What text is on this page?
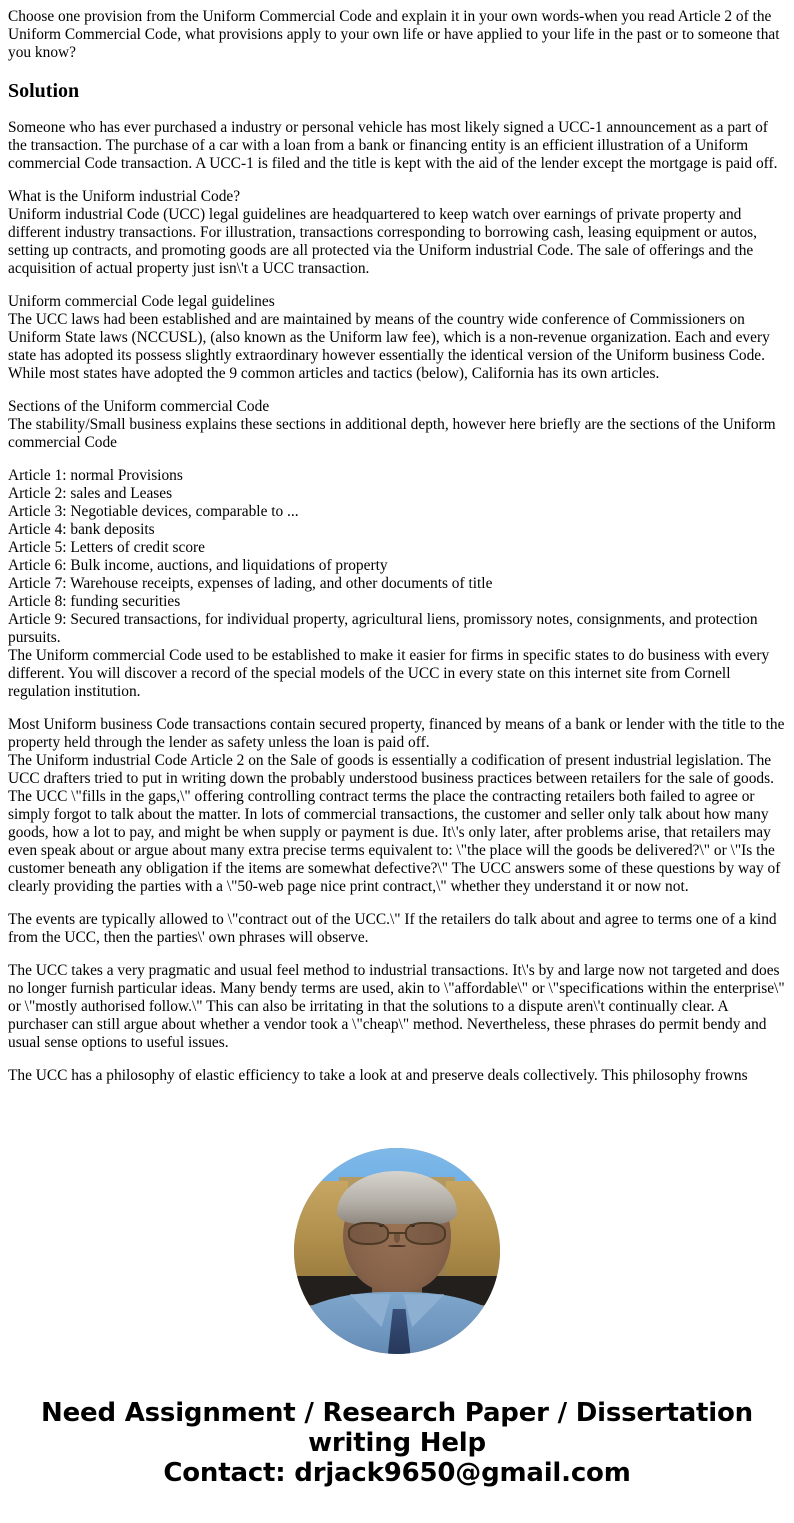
Choose one provision from the Uniform Commercial Code and explain it in your own words-when you read Article 2 of the Uniform Commercial Code, what provisions apply to your own life or have applied to your life in the past or to someone that you know?

Solution

Someone who has ever purchased a industry or personal vehicle has most likely signed a UCC-1 announcement as a part of the transaction. The purchase of a car with a loan from a bank or financing entity is an efficient illustration of a Uniform commercial Code transaction. A UCC-1 is filed and the title is kept with the aid of the lender except the mortgage is paid off.

What is the Uniform industrial Code?

Uniform industrial Code (UCC) legal guidelines are headquartered to keep watch over earnings of private property and different industry transactions. For illustration, transactions corresponding to borrowing cash, leasing equipment or autos, setting up contracts, and promoting goods are all protected via the Uniform industrial Code. The sale of offerings and the acquisition of actual property just isn\'t a UCC transaction.

Uniform commercial Code legal guidelines

The UCC laws had been established and are maintained by means of the country wide conference of Commissioners on Uniform State laws (NCCUSL), (also known as the Uniform law fee), which is a non-revenue organization. Each and every state has adopted its possess slightly extraordinary however essentially the identical version of the Uniform business Code. While most states have adopted the 9 common articles and tactics (below), California has its own articles.

Sections of the Uniform commercial Code

The stability/Small business explains these sections in additional depth, however here briefly are the sections of the Uniform commercial Code

Article 1: normal Provisions

Article 2: sales and Leases

Article 3: Negotiable devices, comparable to ...

Article 4: bank deposits

Article 5: Letters of credit score

Article 6: Bulk income, auctions, and liquidations of property

Article 7: Warehouse receipts, expenses of lading, and other documents of title

Article 8: funding securities

Article 9: Secured transactions, for individual property, agricultural liens, promissory notes, consignments, and protection pursuits.

The Uniform commercial Code used to be established to make it easier for firms in specific states to do business with every different. You will discover a record of the special models of the UCC in every state on this internet site from Cornell regulation institution.

Most Uniform business Code transactions contain secured property, financed by means of a bank or lender with the title to the property held through the lender as safety unless the loan is paid off.

The Uniform industrial Code Article 2 on the Sale of goods is essentially a codification of present industrial legislation. The UCC drafters tried to put in writing down the probably understood business practices between retailers for the sale of goods. The UCC \"fills in the gaps,\" offering controlling contract terms the place the contracting retailers both failed to agree or simply forgot to talk about the matter. In lots of commercial transactions, the customer and seller only talk about how many goods, how a lot to pay, and might be when supply or payment is due. It\'s only later, after problems arise, that retailers may even speak about or argue about many extra precise terms equivalent to: \"the place will the goods be delivered?\" or \"Is the customer beneath any obligation if the items are somewhat defective?\" The UCC answers some of these questions by way of clearly providing the parties with a \"50-web page nice print contract,\" whether they understand it or now not.

The events are typically allowed to \"contract out of the UCC.\" If the retailers do talk about and agree to terms one of a kind from the UCC, then the parties\' own phrases will observe.

The UCC takes a very pragmatic and usual feel method to industrial transactions. It\'s by and large now not targeted and does no longer furnish particular ideas. Many bendy terms are used, akin to \"affordable\" or \"specifications within the enterprise\" or \"mostly authorised follow.\" This can also be irritating in that the solutions to a dispute aren\'t continually clear. A purchaser can still argue about whether a vendor took a \"cheap\" method. Nevertheless, these phrases do permit bendy and usual sense options to useful issues.

The UCC has a philosophy of elastic efficiency to take a look at and preserve deals collectively. This philosophy frowns

Need Assignment / Research Paper / Dissertation
writing Help
Contact: drjack9650@gmail.com
